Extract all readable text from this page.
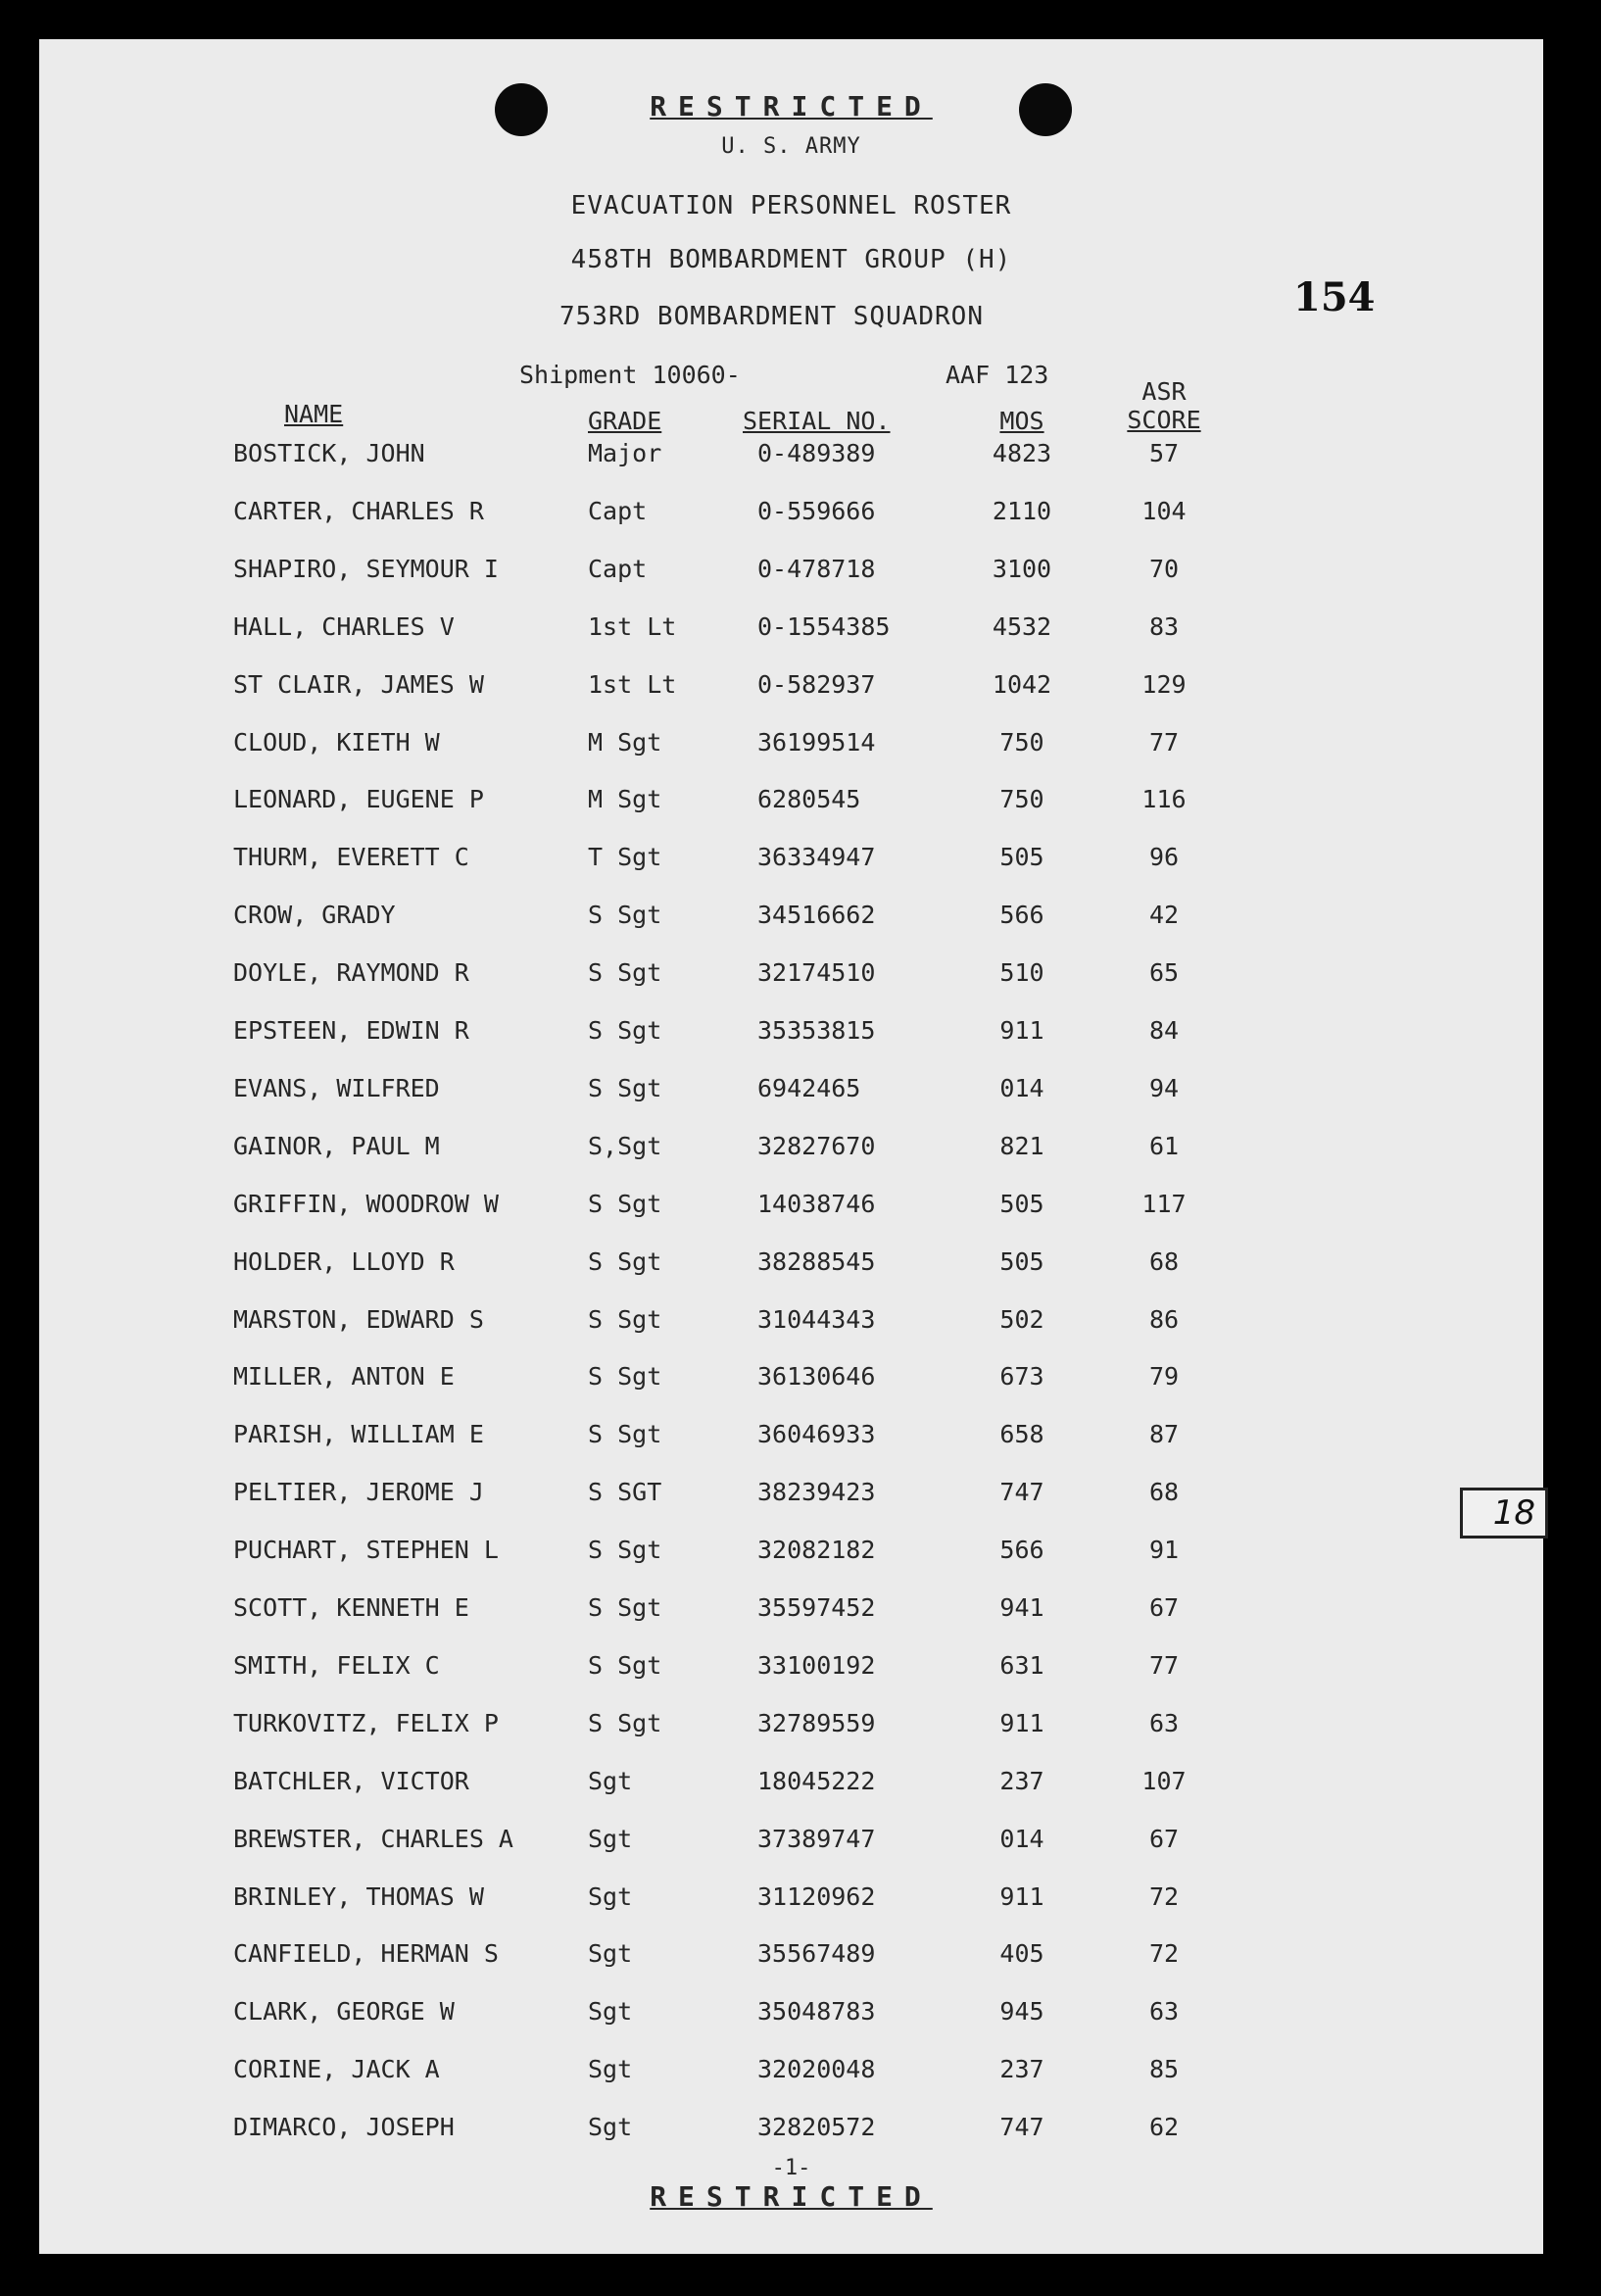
RESTRICTED
U. S. ARMY
EVACUATION PERSONNEL ROSTER
458TH BOMBARDMENT GROUP (H)
753RD BOMBARDMENT SQUADRON	154
Shipment 10060-	AAF 123
NAME	GRADE	SERIAL NO.	MOS
ASR
SCORE
BOSTICK, JOHN	Major	0-489389	4823	57
CARTER, CHARLES R	Capt	0-559666	2110	104
SHAPIRO, SEYMOUR I	Capt	0-478718	3100	70
HALL, CHARLES V	1st Lt	0-1554385	4532	83
ST CLAIR, JAMES W	1st Lt	0-582937	1042	129
CLOUD, KIETH W	M Sgt	36199514	750	77
LEONARD, EUGENE P	M Sgt	6280545	750	116
THURM, EVERETT C	T Sgt	36334947	505	96
CROW, GRADY	S Sgt	34516662	566	42
DOYLE, RAYMOND R	S Sgt	32174510	510	65
EPSTEEN, EDWIN R	S Sgt	35353815	911	84
EVANS, WILFRED	S Sgt	6942465	014	94
GAINOR, PAUL M	S,Sgt	32827670	821	61
GRIFFIN, WOODROW W	S Sgt	14038746	505	117
HOLDER, LLOYD R	S Sgt	38288545	505	68
MARSTON, EDWARD S	S Sgt	31044343	502	86
MILLER, ANTON E	S Sgt	36130646	673	79
PARISH, WILLIAM E	S Sgt	36046933	658	87
PELTIER, JEROME J	S SGT	38239423	747	68
PUCHART, STEPHEN L	S Sgt	32082182	566	91
SCOTT, KENNETH E	S Sgt	35597452	941	67
SMITH, FELIX C	S Sgt	33100192	631	77
TURKOVITZ, FELIX P	S Sgt	32789559	911	63
BATCHLER, VICTOR	Sgt	18045222	237	107
BREWSTER, CHARLES A	Sgt	37389747	014	67
BRINLEY, THOMAS W	Sgt	31120962	911	72
CANFIELD, HERMAN S	Sgt	35567489	405	72
CLARK, GEORGE W	Sgt	35048783	945	63
CORINE, JACK A	Sgt	32020048	237	85
DIMARCO, JOSEPH	Sgt	32820572	747	62
-1-
RESTRICTED
18
